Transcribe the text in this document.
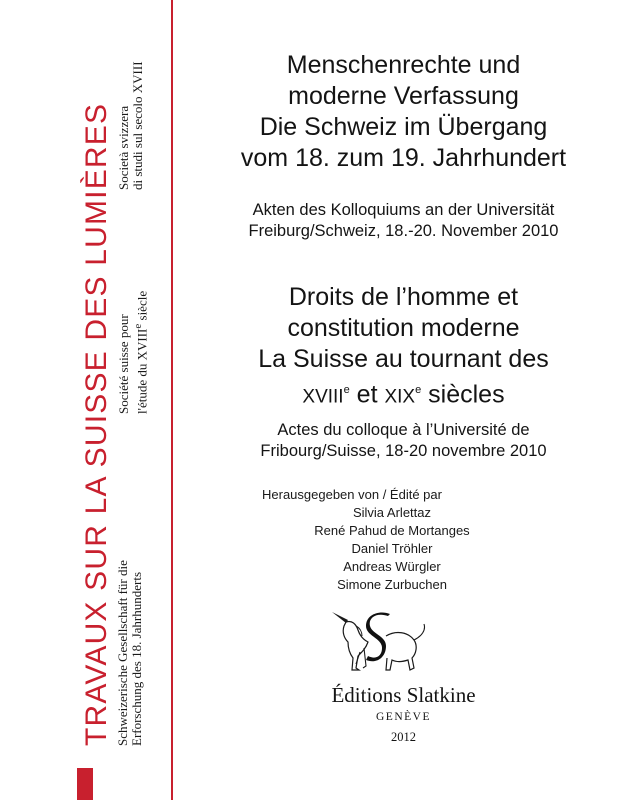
TRAVAUX SUR LA SUISSE DES LUMIÈRES Schweizerische Gesellschaft für die Erforschung des 18. Jahrhunderts
Société suisse pour l'étude du XVIIIe siècle
Società svizzera di studi sul secolo XVIII	Menschenrechte und
moderne Verfassung
Die Schweiz im Übergang
vom 18. zum 19. Jahrhundert
Akten des Kolloquiums an der Universität
Freiburg/Schweiz, 18.-20. November 2010
Droits de l’homme et
constitution moderne
La Suisse au tournant des
XVIIIe et XIXe siècles
Actes du colloque à l’Université de
Fribourg/Suisse, 18-20 novembre 2010
Herausgegeben von / Édité par
Silvia Arlettaz
René Pahud de Mortanges
Daniel Tröhler
Andreas Würgler
Simone Zurbuchen
Éditions Slatkine
GENÈVE
2012
